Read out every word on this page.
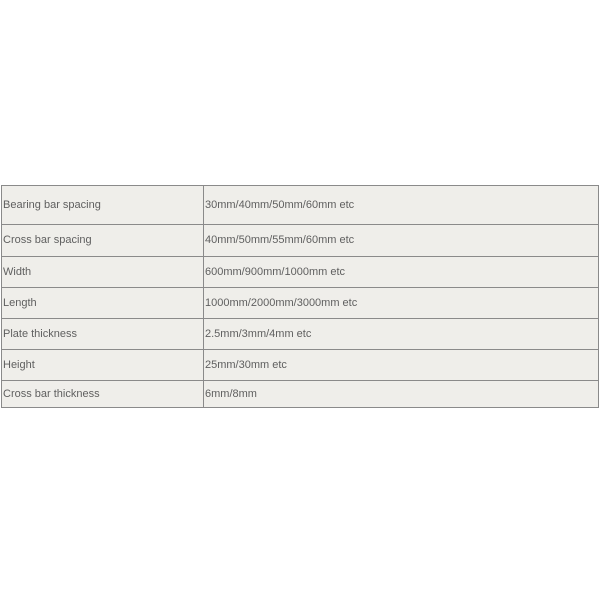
Bearing bar spacing	30mm/40mm/50mm/60mm etc
Cross bar spacing	40mm/50mm/55mm/60mm etc
Width	600mm/900mm/1000mm etc
Length	1000mm/2000mm/3000mm etc
Plate thickness	2.5mm/3mm/4mm etc
Height	25mm/30mm etc
Cross bar thickness	6mm/8mm
